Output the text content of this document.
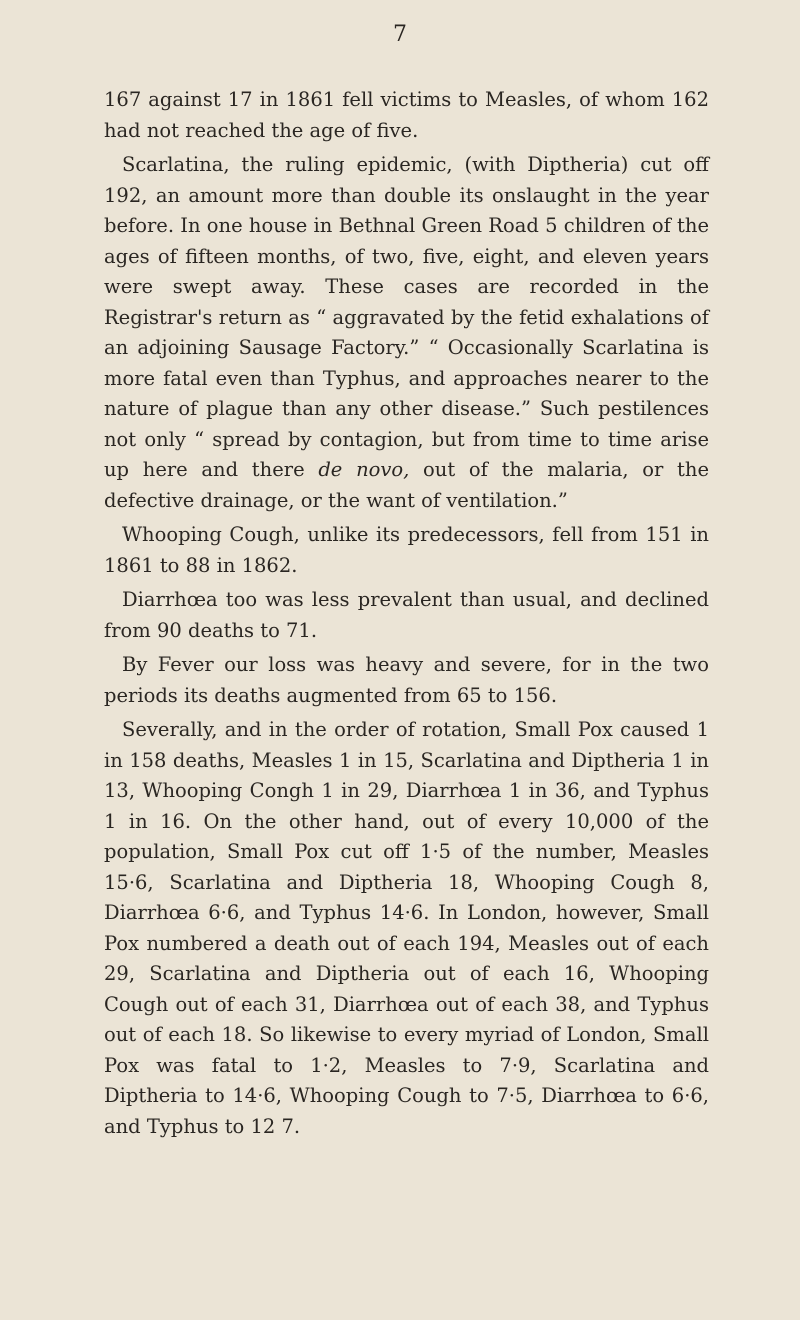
7

167 against 17 in 1861 fell victims to Measles, of whom 162 had not reached the age of five.

Scarlatina, the ruling epidemic, (with Diptheria) cut off 192, an amount more than double its onslaught in the year before. In one house in Bethnal Green Road 5 children of the ages of fifteen months, of two, five, eight, and eleven years were swept away. These cases are recorded in the Registrar's return as “ aggravated by the fetid exhalations of an adjoining Sausage Factory.” “ Occasionally Scarlatina is more fatal even than Typhus, and approaches nearer to the nature of plague than any other disease.” Such pestilences not only “ spread by contagion, but from time to time arise up here and there de novo, out of the malaria, or the defective drainage, or the want of ventilation.”

Whooping Cough, unlike its predecessors, fell from 151 in 1861 to 88 in 1862.

Diarrhœa too was less prevalent than usual, and declined from 90 deaths to 71.

By Fever our loss was heavy and severe, for in the two periods its deaths augmented from 65 to 156.

Severally, and in the order of rotation, Small Pox caused 1 in 158 deaths, Measles 1 in 15, Scarlatina and Diptheria 1 in 13, Whooping Congh 1 in 29, Diarrhœa 1 in 36, and Typhus 1 in 16. On the other hand, out of every 10,000 of the population, Small Pox cut off 1·5 of the number, Measles 15·6, Scarlatina and Diptheria 18, Whooping Cough 8, Diarrhœa 6·6, and Typhus 14·6. In London, however, Small Pox numbered a death out of each 194, Measles out of each 29, Scarlatina and Diptheria out of each 16, Whooping Cough out of each 31, Diarrhœa out of each 38, and Typhus out of each 18. So likewise to every myriad of London, Small Pox was fatal to 1·2, Measles to 7·9, Scarlatina and Diptheria to 14·6, Whooping Cough to 7·5, Diarrhœa to 6·6, and Typhus to 12 7.
